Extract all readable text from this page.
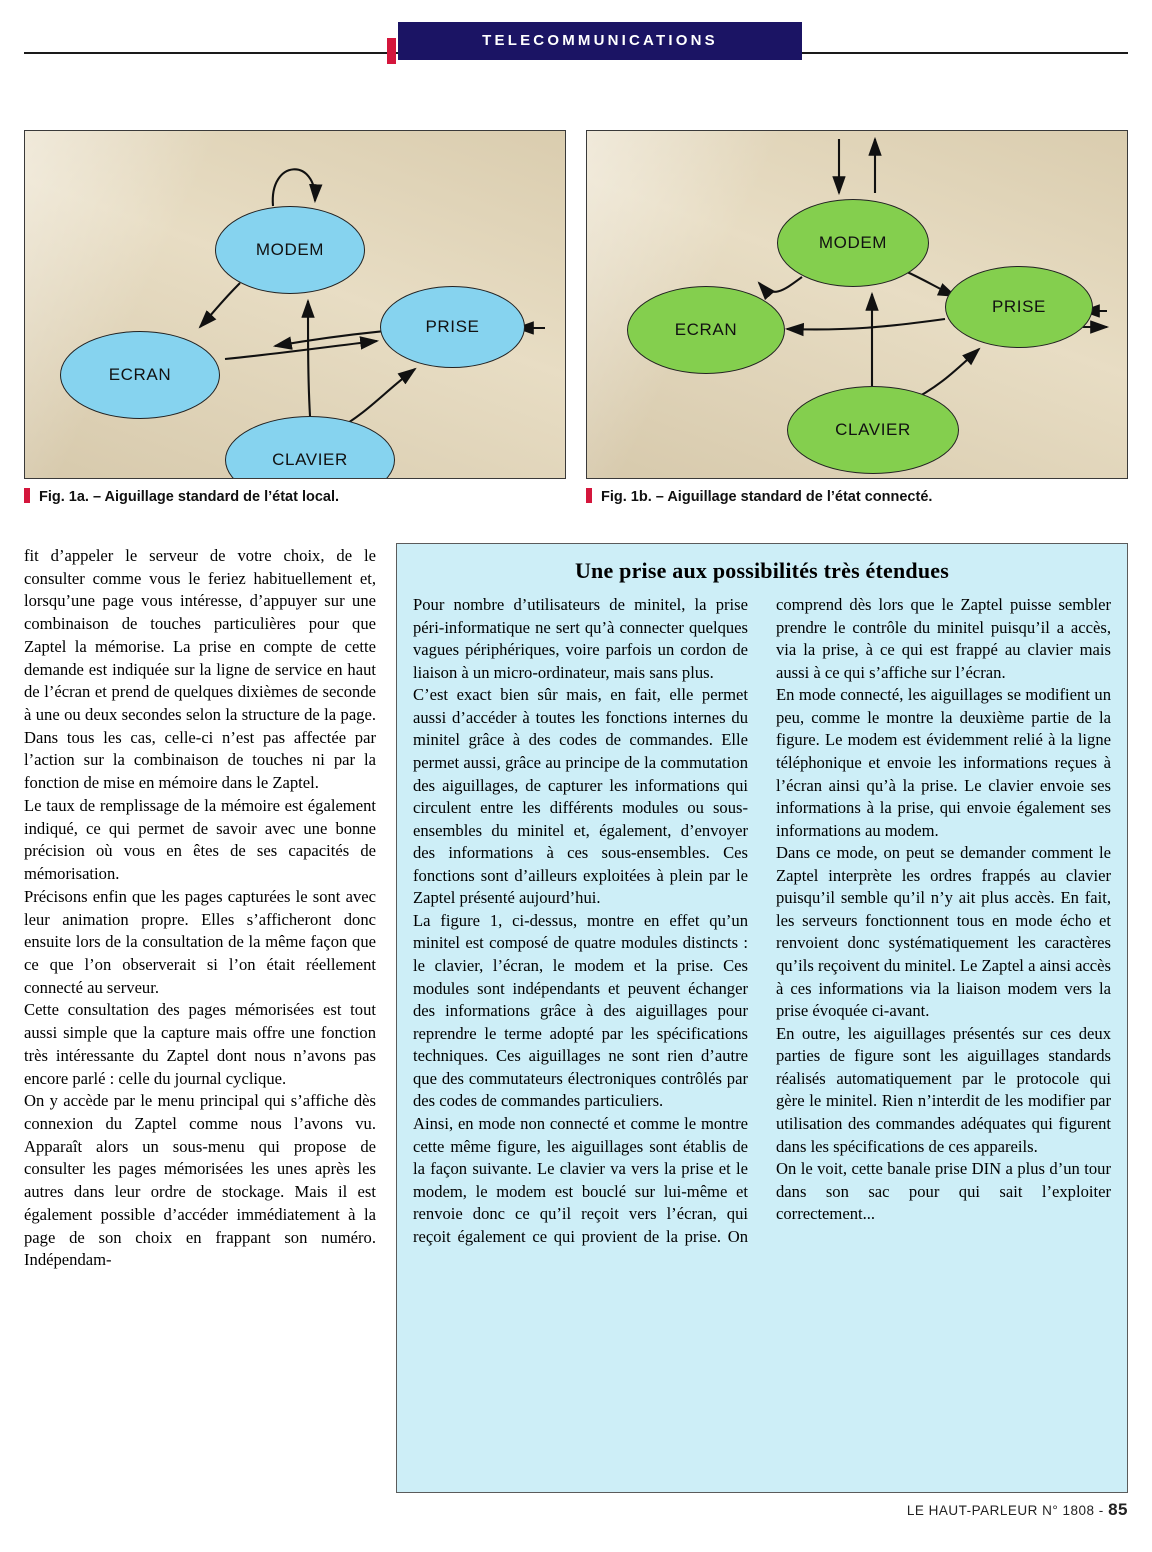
TELECOMMUNICATIONS
MODEM
ECRAN
PRISE
CLAVIER
MODEM
ECRAN
PRISE
CLAVIER
Fig. 1a. – Aiguillage standard de l’état local.	Fig. 1b. – Aiguillage standard de l’état connecté.

fit d’appeler le serveur de votre choix, de le consulter comme vous le feriez habituellement et, lorsqu’une page vous intéresse, d’appuyer sur une combinaison de touches particulières pour que Zaptel la mémorise. La prise en compte de cette demande est indiquée sur la ligne de service en haut de l’écran et prend de quelques dixièmes de seconde à une ou deux secondes selon la structure de la page. Dans tous les cas, celle-ci n’est pas affectée par l’action sur la combinaison de touches ni par la fonction de mise en mémoire dans le Zaptel.
Le taux de remplissage de la mémoire est également indiqué, ce qui permet de savoir avec une bonne précision où vous en êtes de ses capacités de mémorisation.
Précisons enfin que les pages capturées le sont avec leur animation propre. Elles s’afficheront donc ensuite lors de la consultation de la même façon que ce que l’on observerait si l’on était réellement connecté au serveur.
Cette consultation des pages mémorisées est tout aussi simple que la capture mais offre une fonction très intéressante du Zaptel dont nous n’avons pas encore parlé : celle du journal cyclique.
On y accède par le menu principal qui s’affiche dès connexion du Zaptel comme nous l’avons vu. Apparaît alors un sous-menu qui propose de consulter les pages mémorisées les unes après les autres dans leur ordre de stockage. Mais il est également possible d’accéder immédiatement à la page de son choix en frappant son numéro. Indépendam-

Une prise aux possibilités très étendues

Pour nombre d’utilisateurs de minitel, la prise péri-informatique ne sert qu’à connecter quelques vagues périphériques, voire parfois un cordon de liaison à un micro-ordinateur, mais sans plus.
C’est exact bien sûr mais, en fait, elle permet aussi d’accéder à toutes les fonctions internes du minitel grâce à des codes de commandes. Elle permet aussi, grâce au principe de la commutation des aiguillages, de capturer les informations qui circulent entre les différents modules ou sous-ensembles du minitel et, également, d’envoyer des informations à ces sous-ensembles. Ces fonctions sont d’ailleurs exploitées à plein par le Zaptel présenté aujourd’hui.
La figure 1, ci-dessus, montre en effet qu’un minitel est composé de quatre modules distincts : le clavier, l’écran, le modem et la prise. Ces modules sont indépendants et peuvent échanger des informations grâce à des aiguillages pour reprendre le terme adopté par les spécifications techniques. Ces aiguillages ne sont rien d’autre que des commutateurs électroniques contrôlés par des codes de commandes particuliers.
Ainsi, en mode non connecté et comme le montre cette même figure, les aiguillages sont établis de la façon suivante. Le clavier va vers la prise et le modem, le modem est bouclé sur lui-même et renvoie donc ce qu’il reçoit vers l’écran, qui reçoit également ce qui provient de la prise. On comprend dès lors que le Zaptel puisse sembler prendre le contrôle du minitel puisqu’il a accès, via la prise, à ce qui est frappé au clavier mais aussi à ce qui s’affiche sur l’écran.
En mode connecté, les aiguillages se modifient un peu, comme le montre la deuxième partie de la figure. Le modem est évidemment relié à la ligne téléphonique et envoie les informations reçues à l’écran ainsi qu’à la prise. Le clavier envoie ses informations à la prise, qui envoie également ses informations au modem.
Dans ce mode, on peut se demander comment le Zaptel interprète les ordres frappés au clavier puisqu’il semble qu’il n’y ait plus accès. En fait, les serveurs fonctionnent tous en mode écho et renvoient donc systématiquement les caractères qu’ils reçoivent du minitel. Le Zaptel a ainsi accès à ces informations via la liaison modem vers la prise évoquée ci-avant.
En outre, les aiguillages présentés sur ces deux parties de figure sont les aiguillages standards réalisés automatiquement par le protocole qui gère le minitel. Rien n’interdit de les modifier par utilisation des commandes adéquates qui figurent dans les spécifications de ces appareils.
On le voit, cette banale prise DIN a plus d’un tour dans son sac pour qui sait l’exploiter correctement...

LE HAUT-PARLEUR N° 1808 - 85
